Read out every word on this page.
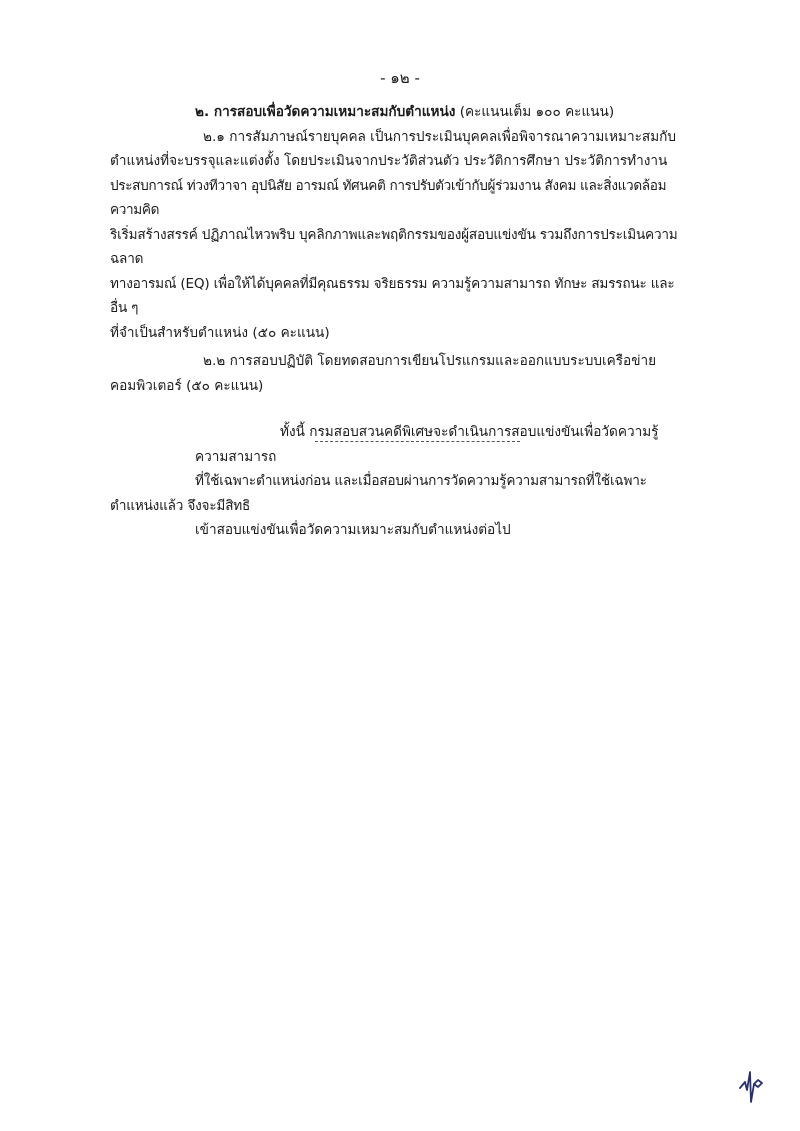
- ๑๒ -

๒. การสอบเพื่อวัดความเหมาะสมกับตำแหน่ง (คะแนนเต็ม ๑๐๐ คะแนน)

๒.๑ การสัมภาษณ์รายบุคคล เป็นการประเมินบุคคลเพื่อพิจารณาความเหมาะสมกับ
ตำแหน่งที่จะบรรจุและแต่งตั้ง โดยประเมินจากประวัติส่วนตัว ประวัติการศึกษา ประวัติการทำงาน
ประสบการณ์ ท่วงทีวาจา อุปนิสัย อารมณ์ ทัศนคติ การปรับตัวเข้ากับผู้ร่วมงาน สังคม และสิ่งแวดล้อม ความคิด
ริเริ่มสร้างสรรค์ ปฏิภาณไหวพริบ บุคลิกภาพและพฤติกรรมของผู้สอบแข่งขัน รวมถึงการประเมินความฉลาด
ทางอารมณ์ (EQ) เพื่อให้ได้บุคคลที่มีคุณธรรม จริยธรรม ความรู้ความสามารถ ทักษะ สมรรถนะ และอื่น ๆ
ที่จำเป็นสำหรับตำแหน่ง (๕๐ คะแนน)
๒.๒ การสอบปฏิบัติ โดยทดสอบการเขียนโปรแกรมและออกแบบระบบเครือข่าย
คอมพิวเตอร์ (๕๐ คะแนน)
ทั้งนี้ กรมสอบสวนคดีพิเศษจะดำเนินการสอบแข่งขันเพื่อวัดความรู้ความสามารถ
ที่ใช้เฉพาะตำแหน่งก่อน และเมื่อสอบผ่านการวัดความรู้ความสามารถที่ใช้เฉพาะตำแหน่งแล้ว จึงจะมีสิทธิ
เข้าสอบแข่งขันเพื่อวัดความเหมาะสมกับตำแหน่งต่อไป
